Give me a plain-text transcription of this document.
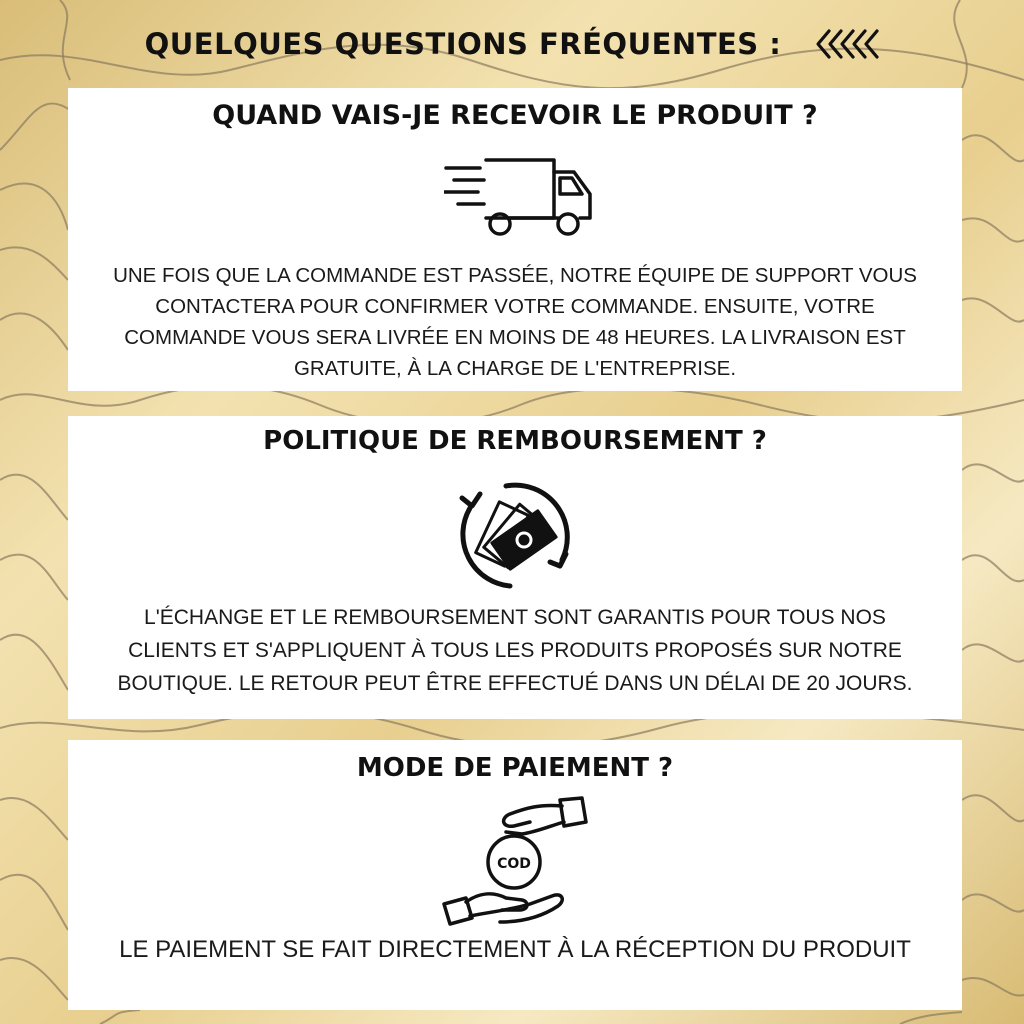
QUELQUES QUESTIONS FRÉQUENTES :
QUAND VAIS-JE RECEVOIR LE PRODUIT ?
UNE FOIS QUE LA COMMANDE EST PASSÉE, NOTRE ÉQUIPE DE SUPPORT VOUS CONTACTERA POUR CONFIRMER VOTRE COMMANDE. ENSUITE, VOTRE COMMANDE VOUS SERA LIVRÉE EN MOINS DE 48 HEURES. LA LIVRAISON EST GRATUITE, À LA CHARGE DE L'ENTREPRISE.
POLITIQUE DE REMBOURSEMENT ?
L'ÉCHANGE ET LE REMBOURSEMENT SONT GARANTIS POUR TOUS NOS CLIENTS ET S'APPLIQUENT À TOUS LES PRODUITS PROPOSÉS SUR NOTRE BOUTIQUE. LE RETOUR PEUT ÊTRE EFFECTUÉ DANS UN DÉLAI DE 20 JOURS.
MODE DE PAIEMENT ?
COD
LE PAIEMENT SE FAIT DIRECTEMENT À LA RÉCEPTION DU PRODUIT
